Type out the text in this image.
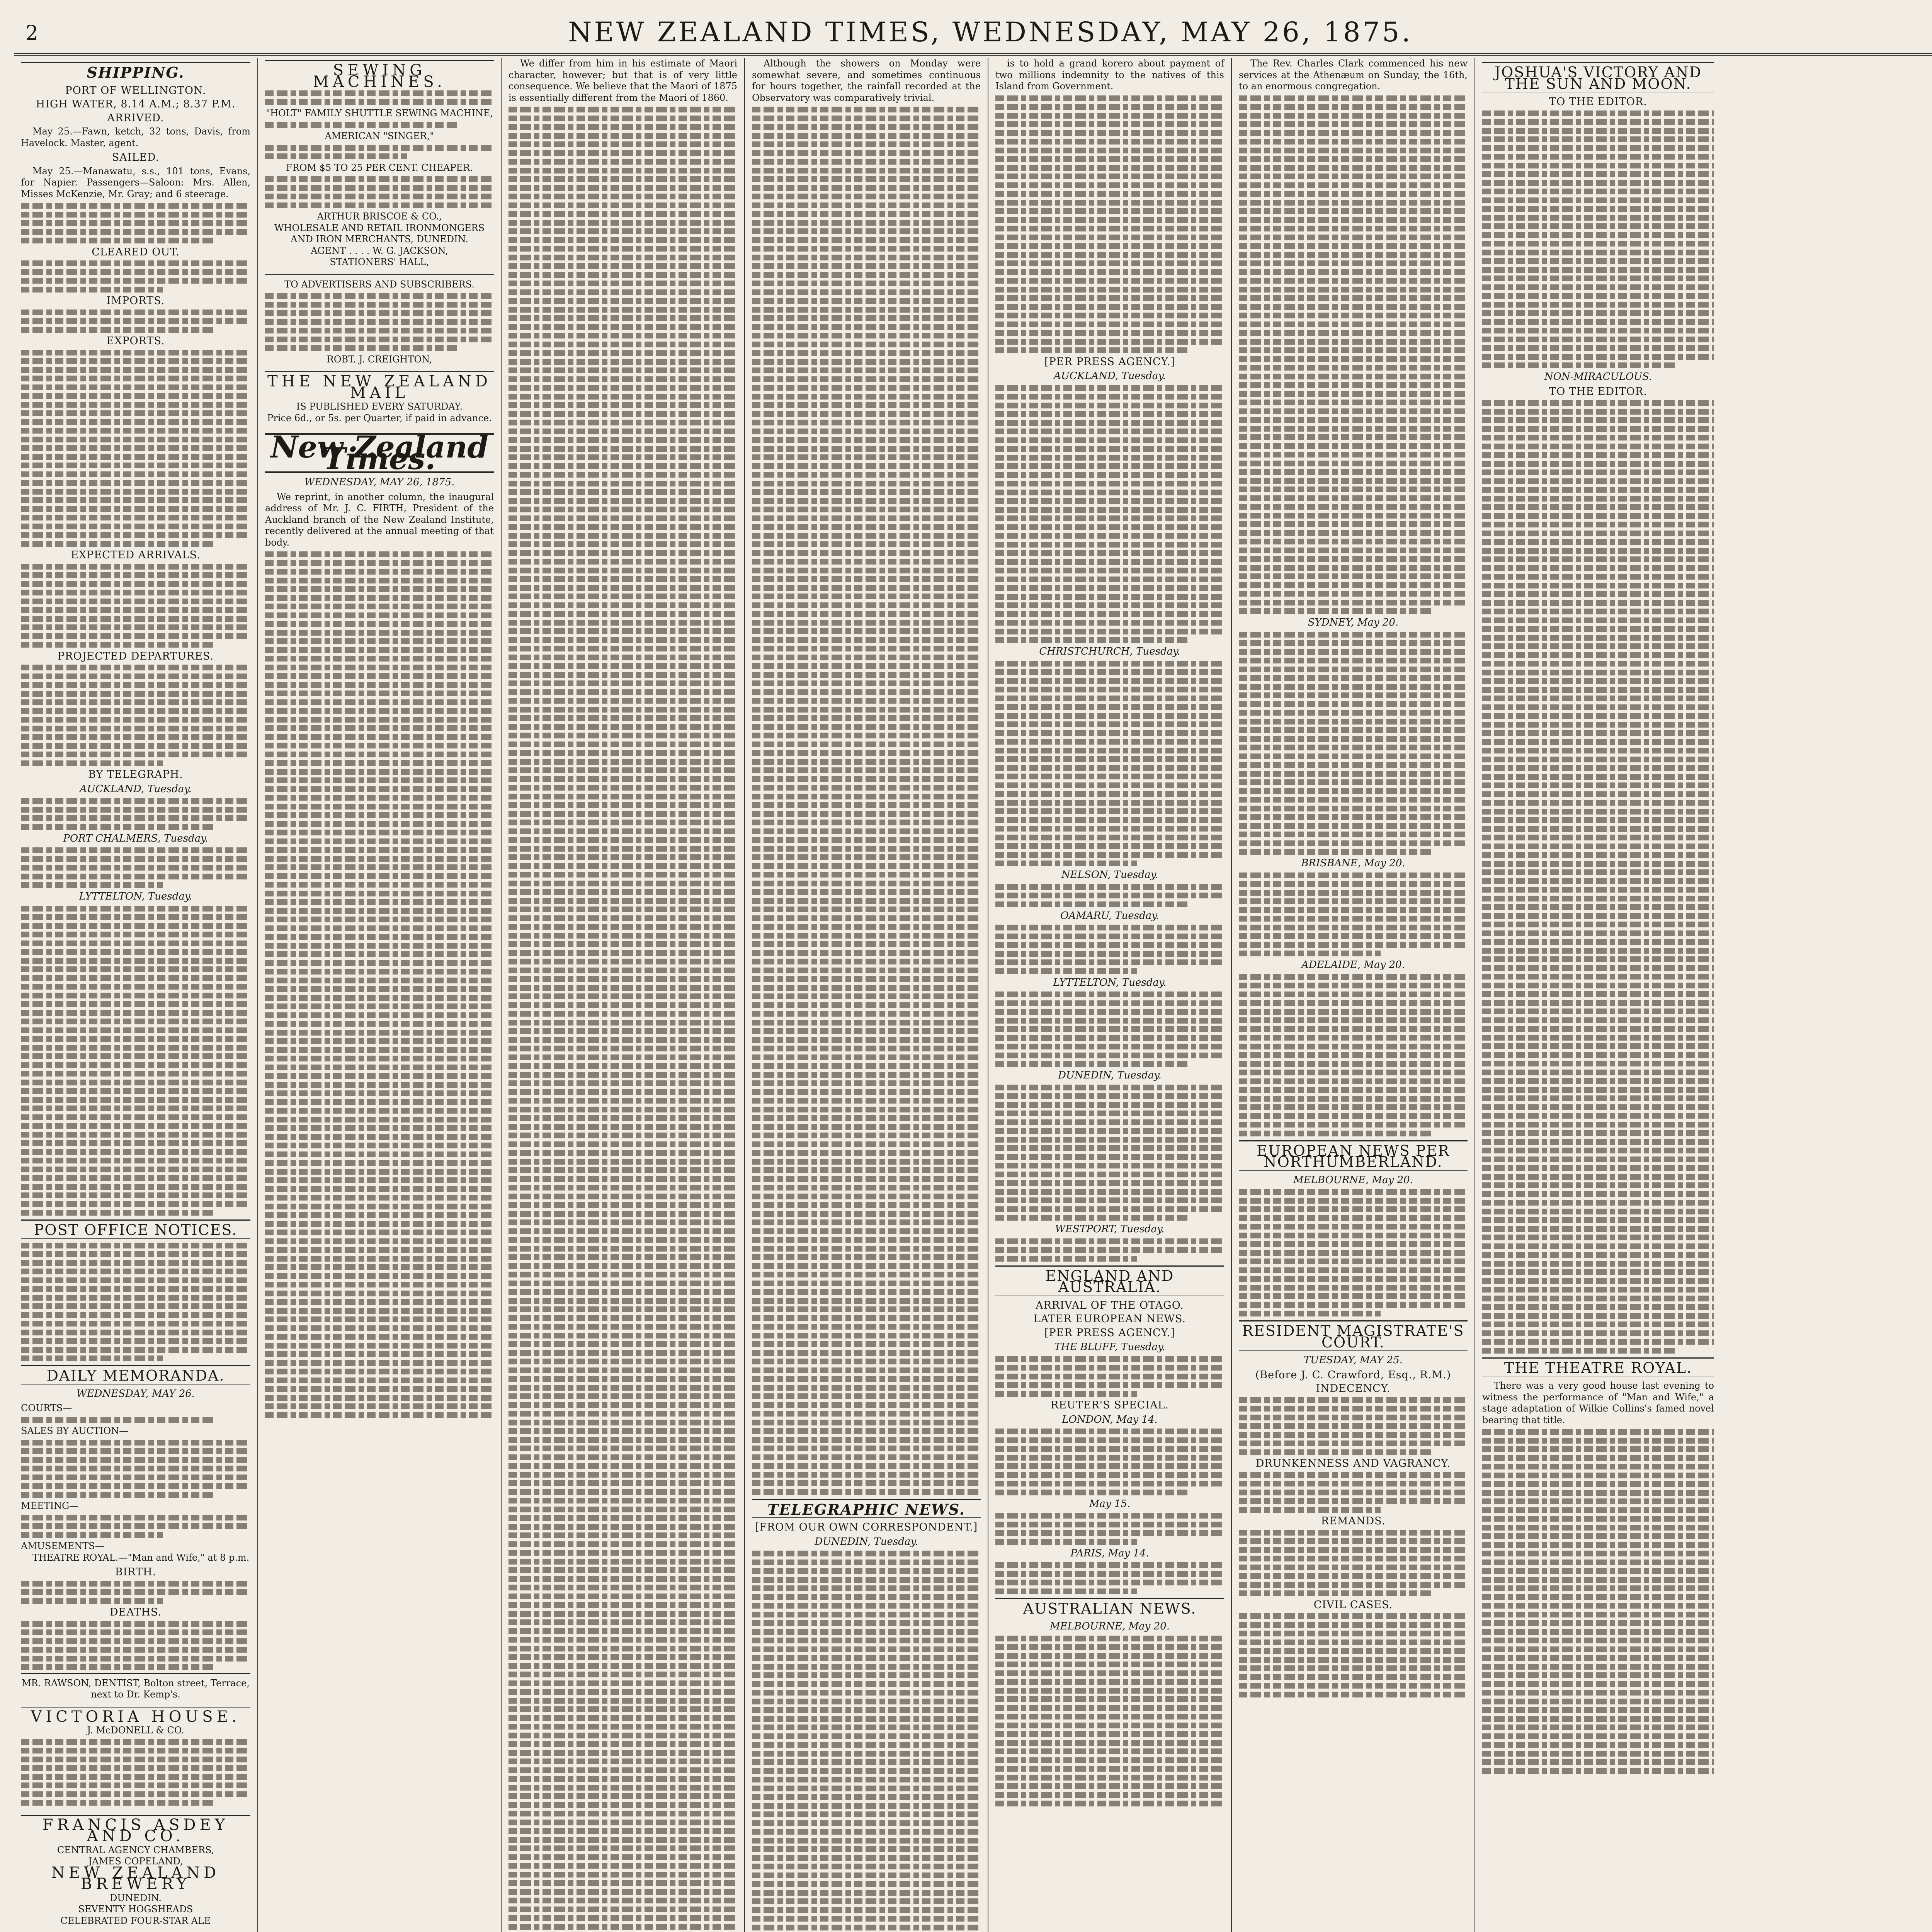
2	NEW ZEALAND TIMES, WEDNESDAY, MAY 26, 1875.
SHIPPING.
PORT OF WELLINGTON.
HIGH WATER, 8.14 A.M.; 8.37 P.M.
ARRIVED.
May 25.—Fawn, ketch, 32 tons, Davis, from Havelock. Master, agent.
SAILED.
May 25.—Manawatu, s.s., 101 tons, Evans, for Napier. Passengers—Saloon: Mrs. Allen, Misses McKenzie, Mr. Gray; and 6 steerage.
CLEARED OUT.
IMPORTS.
EXPORTS.
EXPECTED ARRIVALS.
PROJECTED DEPARTURES.
BY TELEGRAPH.
AUCKLAND, Tuesday.
PORT CHALMERS, Tuesday.
LYTTELTON, Tuesday.
POST OFFICE NOTICES.
DAILY MEMORANDA.
WEDNESDAY, MAY 26.
COURTS—
SALES BY AUCTION—
MEETING—
AMUSEMENTS—
THEATRE ROYAL.—"Man and Wife," at 8 p.m.
BIRTH.
DEATHS.
MR. RAWSON, DENTIST, Bolton street, Terrace, next to Dr. Kemp's.
VICTORIA HOUSE.
J. McDONELL & CO.
FRANCIS ASDEY AND CO.
CENTRAL AGENCY CHAMBERS,
JAMES COPELAND,
NEW ZEALAND BREWERY
DUNEDIN.
SEVENTY HOGSHEADS
CELEBRATED FOUR-STAR ALE
SEWING MACHINES.
"HOLT" FAMILY SHUTTLE SEWING MACHINE,
AMERICAN "SINGER,"
FROM $5 TO 25 PER CENT. CHEAPER.
ARTHUR BRISCOE & CO.,
WHOLESALE AND RETAIL IRONMONGERS AND IRON MERCHANTS, DUNEDIN.
AGENT . . . . W. G. JACKSON,
STATIONERS' HALL,
TO ADVERTISERS AND SUBSCRIBERS.
ROBT. J. CREIGHTON,
THE NEW ZEALAND MAIL
IS PUBLISHED EVERY SATURDAY.
Price 6d., or 5s. per Quarter, if paid in advance.
New Zealand Times.
WEDNESDAY, MAY 26, 1875.
We reprint, in another column, the inaugural address of Mr. J. C. FIRTH, President of the Auckland branch of the New Zealand Institute, recently delivered at the annual meeting of that body.
We differ from him in his estimate of Maori character, however; but that is of very little consequence. We believe that the Maori of 1875 is essentially different from the Maori of 1860.
Although the showers on Monday were somewhat severe, and sometimes continuous for hours together, the rainfall recorded at the Observatory was comparatively trivial.
TELEGRAPHIC NEWS.
[FROM OUR OWN CORRESPONDENT.]
DUNEDIN, Tuesday.
is to hold a grand korero about payment of two millions indemnity to the natives of this Island from Government.
[PER PRESS AGENCY.]
AUCKLAND, Tuesday.
CHRISTCHURCH, Tuesday.
NELSON, Tuesday.
OAMARU, Tuesday.
LYTTELTON, Tuesday.
DUNEDIN, Tuesday.
WESTPORT, Tuesday.
ENGLAND AND AUSTRALIA.
ARRIVAL OF THE OTAGO.
LATER EUROPEAN NEWS.
[PER PRESS AGENCY.]
THE BLUFF, Tuesday.
REUTER'S SPECIAL.
LONDON, May 14.
May 15.
PARIS, May 14.
AUSTRALIAN NEWS.
MELBOURNE, May 20.
The Rev. Charles Clark commenced his new services at the Athenæum on Sunday, the 16th, to an enormous congregation.
SYDNEY, May 20.
BRISBANE, May 20.
ADELAIDE, May 20.
EUROPEAN NEWS PER NORTHUMBERLAND.
MELBOURNE, May 20.
RESIDENT MAGISTRATE'S COURT.
TUESDAY, MAY 25.
(Before J. C. Crawford, Esq., R.M.)
INDECENCY.
DRUNKENNESS AND VAGRANCY.
REMANDS.
CIVIL CASES.
JOSHUA'S VICTORY AND THE SUN AND MOON.
TO THE EDITOR.
NON-MIRACULOUS.
TO THE EDITOR.
THE THEATRE ROYAL.
There was a very good house last evening to witness the performance of "Man and Wife," a stage adaptation of Wilkie Collins's famed novel bearing that title.
